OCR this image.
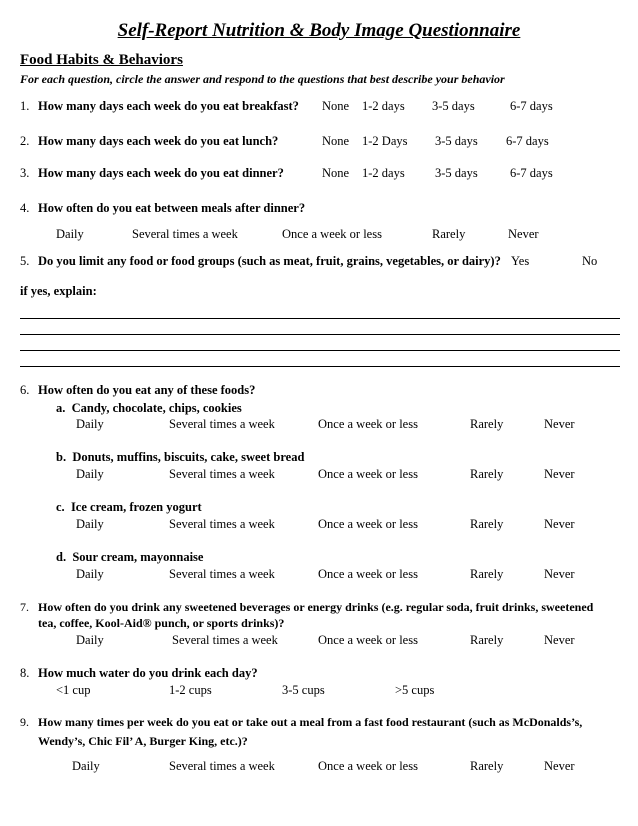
Self-Report Nutrition & Body Image Questionnaire
Food Habits & Behaviors
For each question, circle the answer and respond to the questions that best describe your behavior
1. How many days each week do you eat breakfast? None 1-2 days 3-5 days	6-7 days
2. How many days each week do you eat lunch?	None 1-2 Days 3-5 days 6-7 days
3. How many days each week do you eat dinner?	None 1-2 days 3-5 days	6-7 days
4. How often do you eat between meals after dinner?
Daily	Several times a week	Once a week or less	Rarely	Never
5. Do you limit any food or food groups (such as meat, fruit, grains, vegetables, or dairy)? Yes	No
if yes, explain:
6. How often do you eat any of these foods?
a. Candy, chocolate, chips, cookies
Daily	Several times a week	Once a week or less	Rarely	Never
b. Donuts, muffins, biscuits, cake, sweet bread
Daily	Several times a week	Once a week or less	Rarely	Never
c. Ice cream, frozen yogurt
Daily	Several times a week	Once a week or less	Rarely	Never
d. Sour cream, mayonnaise
Daily	Several times a week	Once a week or less	Rarely	Never
7. How often do you drink any sweetened beverages or energy drinks (e.g. regular soda, fruit drinks, sweetened
tea, coffee, Kool-Aid® punch, or sports drinks)?
Daily	Several times a week	Once a week or less	Rarely	Never
8. How much water do you drink each day?
<1 cup	1-2 cups	3-5 cups	>5 cups
9. How many times per week do you eat or take out a meal from a fast food restaurant (such as McDonalds’s,
Wendy’s, Chic Fil’ A, Burger King, etc.)?
Daily	Several times a week	Once a week or less	Rarely	Never
